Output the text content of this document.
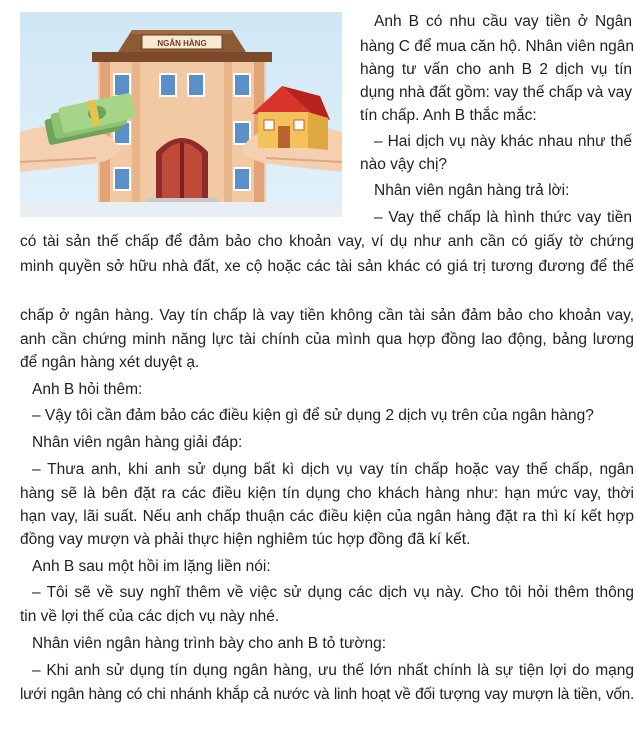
NGÂN HÀNG
Anh B có nhu cầu vay tiền ở Ngân
hàng C để mua căn hộ. Nhân viên ngân
hàng tư vấn cho anh B 2 dịch vụ tín
dụng nhà đất gồm: vay thế chấp và vay
tín chấp. Anh B thắc mắc:
– Hai dịch vụ này khác nhau như thế
nào vậy chị?
Nhân viên ngân hàng trả lời:
– Vay thế chấp là hình thức vay tiền
có tài sản thế chấp để đảm bảo cho khoản vay, ví dụ như anh cần có giấy tờ chứng
minh quyền sở hữu nhà đất, xe cộ hoặc các tài sản khác có giá trị tương đương để thế
chấp ở ngân hàng. Vay tín chấp là vay tiền không cần tài sản đảm bảo cho khoản vay,
anh cần chứng minh năng lực tài chính của mình qua hợp đồng lao động, bảng lương
để ngân hàng xét duyệt ạ.
Anh B hỏi thêm:
– Vậy tôi cần đảm bảo các điều kiện gì để sử dụng 2 dịch vụ trên của ngân hàng?
Nhân viên ngân hàng giải đáp:
– Thưa anh, khi anh sử dụng bất kì dịch vụ vay tín chấp hoặc vay thế chấp, ngân
hàng sẽ là bên đặt ra các điều kiện tín dụng cho khách hàng như: hạn mức vay, thời
hạn vay, lãi suất. Nếu anh chấp thuận các điều kiện của ngân hàng đặt ra thì kí kết hợp
đồng vay mượn và phải thực hiện nghiêm túc hợp đồng đã kí kết.
Anh B sau một hồi im lặng liền nói:
– Tôi sẽ về suy nghĩ thêm về việc sử dụng các dịch vụ này. Cho tôi hỏi thêm thông
tin về lợi thế của các dịch vụ này nhé.
Nhân viên ngân hàng trình bày cho anh B tỏ tường:
– Khi anh sử dụng tín dụng ngân hàng, ưu thế lớn nhất chính là sự tiện lợi do mạng
lưới ngân hàng có chi nhánh khắp cả nước và linh hoạt về đối tượng vay mượn là tiền, vốn.
